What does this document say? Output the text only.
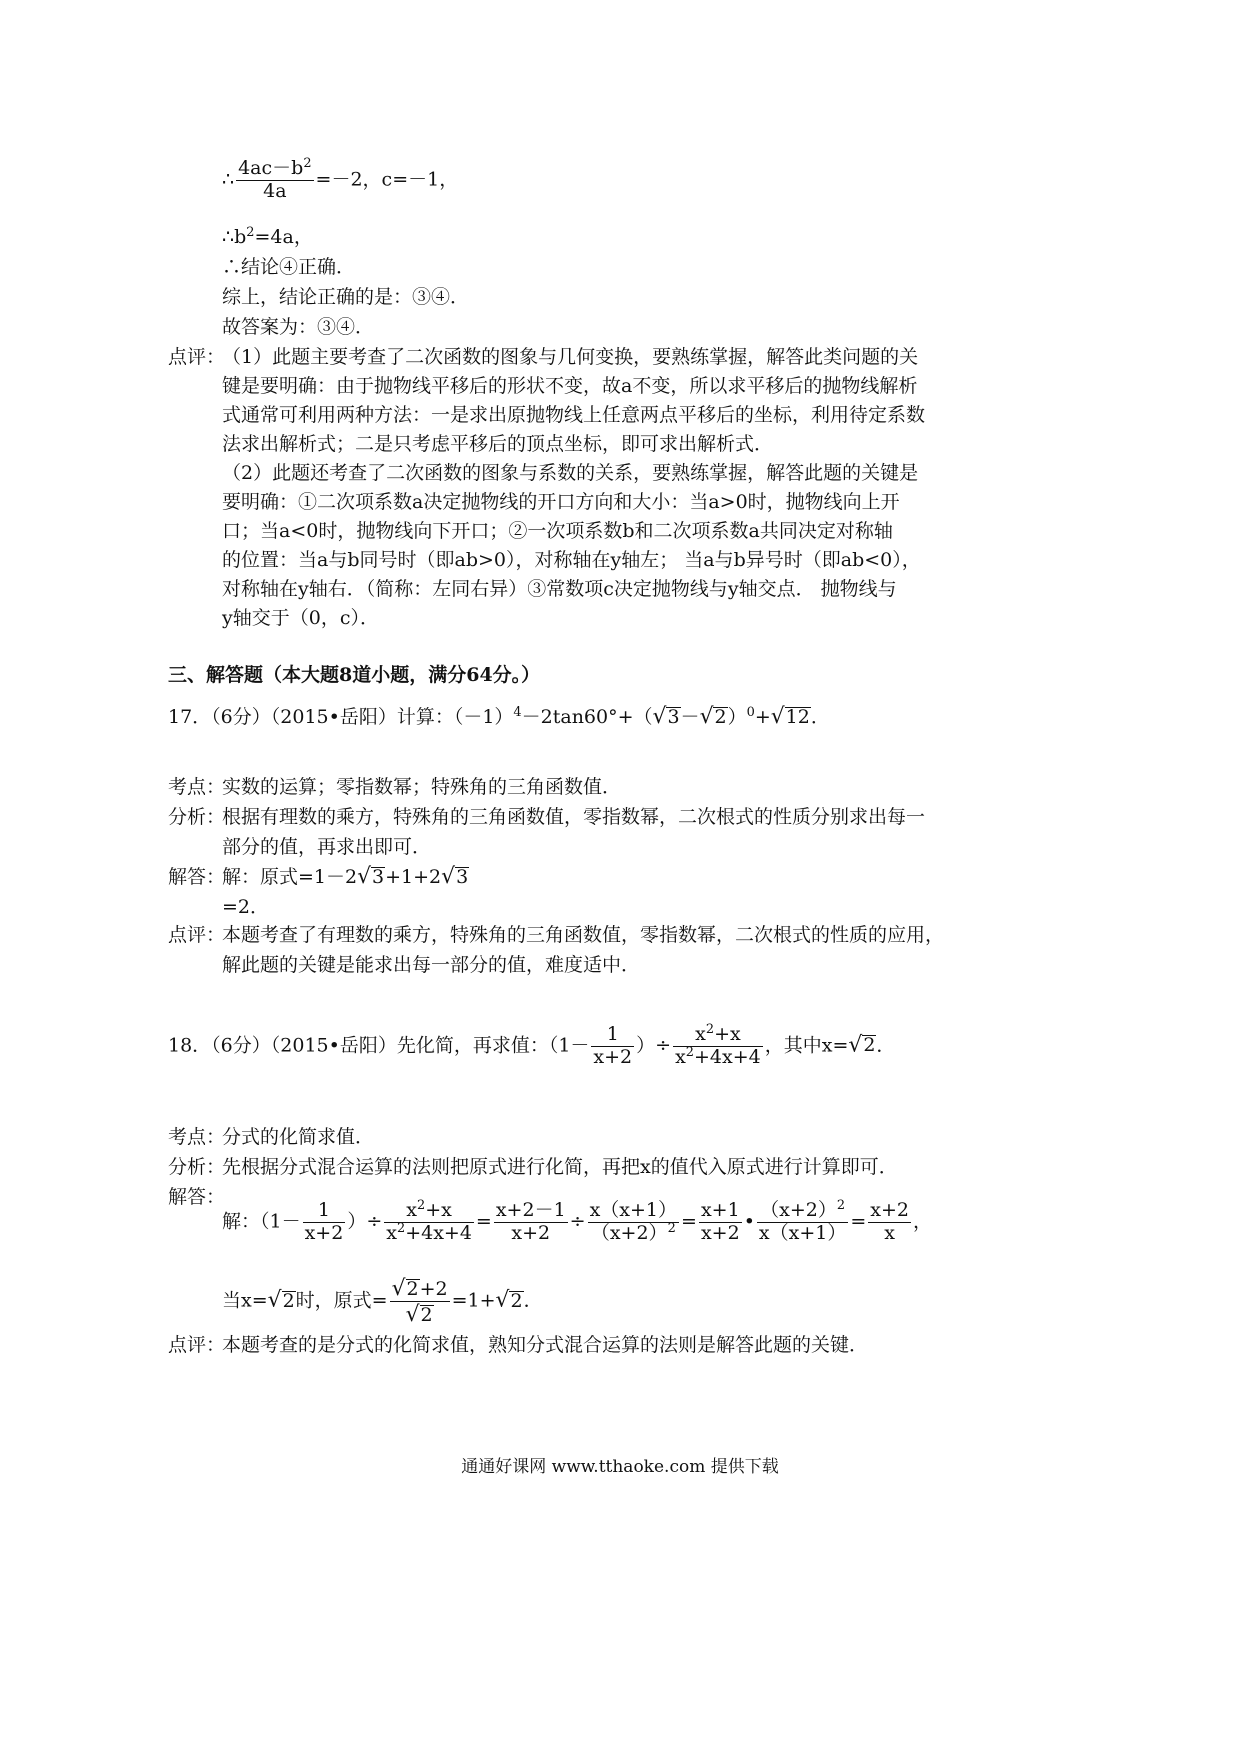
∴ $\frac{4ac-b^2}{4a} =-2$，c=－1，
$\therefore b^2=4a$，
∴结论④正确．
综上，结论正确的是：③④．
故答案为：③④．
点评：
（1）此题主要考查了二次函数的图象与几何变换，要熟练掌握，解答此类问题的关
键是要明确：由于抛物线平移后的形状不变，故a不变，所以求平移后的抛物线解析
式通常可利用两种方法：一是求出原抛物线上任意两点平移后的坐标，利用待定系数
法求出解析式；二是只考虑平移后的顶点坐标，即可求出解析式．
（2）此题还考查了二次函数的图象与系数的关系，要熟练掌握，解答此题的关键是
要明确：①二次项系数a决定抛物线的开口方向和大小：当a>0时，抛物线向上开
口；当a<0时，抛物线向下开口；②一次项系数b和二次项系数a共同决定对称轴
的位置：当a与b同号时（即ab>0），对称轴在y轴左； 当a与b异号时（即ab<0），
对称轴在y轴右．（简称：左同右异）③常数项c决定抛物线与y轴交点． 抛物线与
y轴交于（0，c）．
三、解答题（本大题8道小题，满分64分。）
17．（6分）（2015•岳阳）计算：$(-1)^4-2\tan 60^\circ+(√3-√2)^0+√12$．
考点：
实数的运算；零指数幂；特殊角的三角函数值．
分析：
根据有理数的乘方，特殊角的三角函数值，零指数幂，二次根式的性质分别求出每一
部分的值，再求出即可．
解答：
解：原式=1－2√3+1+2√3
=2．
点评：
本题考查了有理数的乘方，特殊角的三角函数值，零指数幂，二次根式的性质的应用，
解此题的关键是能求出每一部分的值，难度适中．
18．（6分）（2015•岳阳）先化简，再求值：（$1- \frac{1}{x+2}$ ）÷ $\frac{x^2+x}{x^2+4x+4}$ ，其中x=√2．
考点：
分式的化简求值．
分析：
先根据分式混合运算的法则把原式进行化简，再把x的值代入原式进行计算即可．
解答：
解：（$1- \frac{1}{x+2}$ ）÷ $\frac{x^2+x}{x^2+4x+4} = \frac{x+2-1}{x+2} \div \frac{x(x+1)}{(x+2)^2} = \frac{x+1}{x+2}$ • $\frac{(x+2)^2}{x(x+1)} = \frac{x+2}{x}$ ，
当x=√2时，原式= $\frac{√2+2}{√2} =1+√2$．
点评：
本题考查的是分式的化简求值，熟知分式混合运算的法则是解答此题的关键．
通通好课网 www.tthaoke.com 提供下载
